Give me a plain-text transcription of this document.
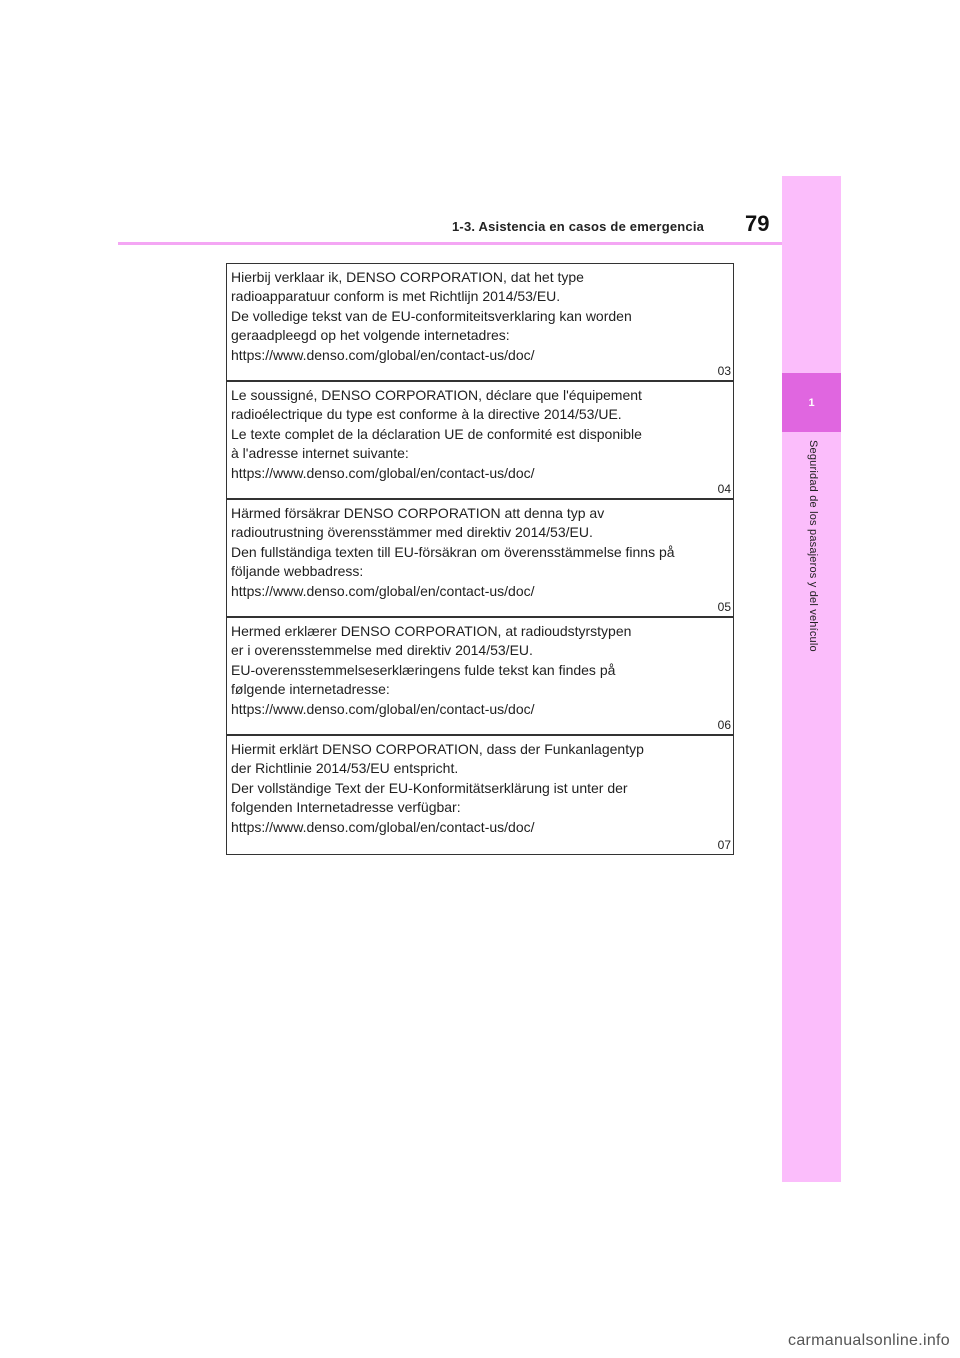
1-3. Asistencia en casos de emergencia 79
1
Seguridad de los pasajeros y del vehículo
Hierbij verklaar ik, DENSO CORPORATION, dat het type
radioapparatuur conform is met Richtlijn 2014/53/EU.
De volledige tekst van de EU-conformiteitsverklaring kan worden
geraadpleegd op het volgende internetadres:
https://www.denso.com/global/en/contact-us/doc/
03
Le soussigné, DENSO CORPORATION, déclare que l'équipement
radioélectrique du type est conforme à la directive 2014/53/UE.
Le texte complet de la déclaration UE de conformité est disponible
à l'adresse internet suivante:
https://www.denso.com/global/en/contact-us/doc/
04
Härmed försäkrar DENSO CORPORATION att denna typ av
radioutrustning överensstämmer med direktiv 2014/53/EU.
Den fullständiga texten till EU-försäkran om överensstämmelse finns på
följande webbadress:
https://www.denso.com/global/en/contact-us/doc/
05
Hermed erklærer DENSO CORPORATION, at radioudstyrstypen
er i overensstemmelse med direktiv 2014/53/EU.
EU-overensstemmelseserklæringens fulde tekst kan findes på
følgende internetadresse:
https://www.denso.com/global/en/contact-us/doc/
06
Hiermit erklärt DENSO CORPORATION, dass der Funkanlagentyp
der Richtlinie 2014/53/EU entspricht.
Der vollständige Text der EU-Konformitätserklärung ist unter der
folgenden Internetadresse verfügbar:
https://www.denso.com/global/en/contact-us/doc/
07
carmanualsonline.info
